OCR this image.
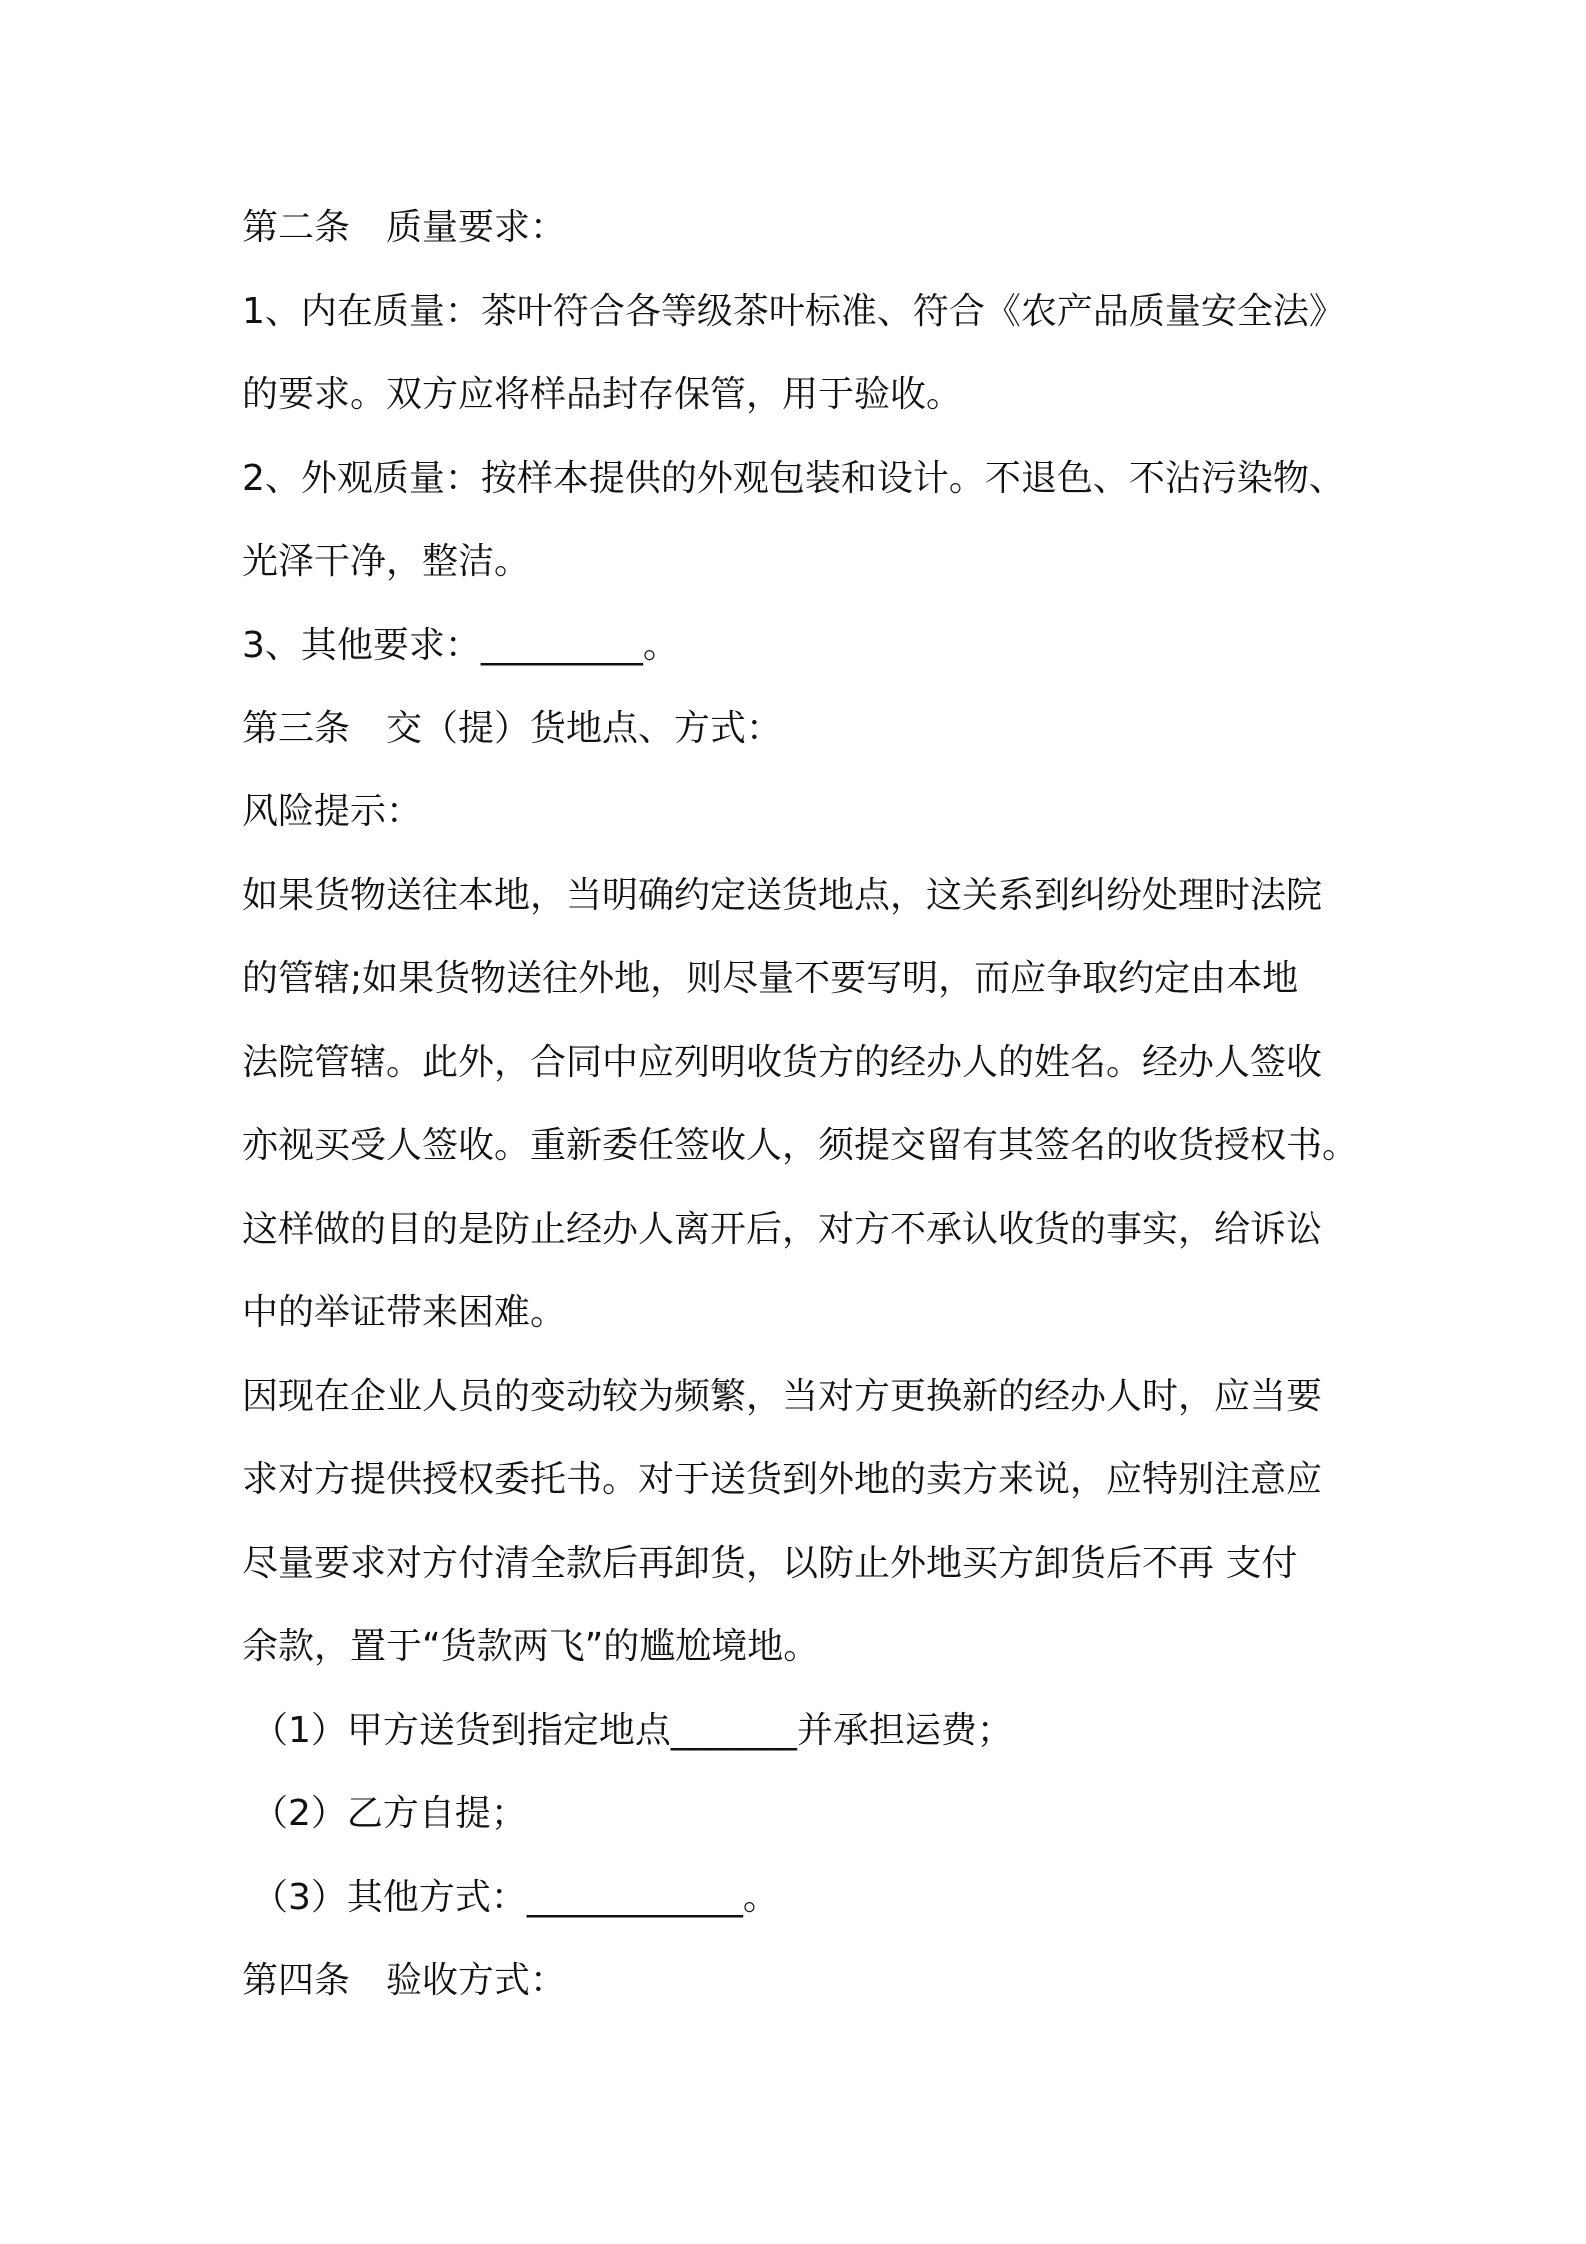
第二条　质量要求：
1、内在质量：茶叶符合各等级茶叶标准、符合《农产品质量安全法》
的要求。双方应将样品封存保管，用于验收。
2、外观质量：按样本提供的外观包装和设计。不退色、不沾污染物、
光泽干净，整洁。
3、其他要求：_________。
第三条　交（提）货地点、方式：
风险提示：
如果货物送往本地，当明确约定送货地点，这关系到纠纷处理时法院
的管辖;如果货物送往外地，则尽量不要写明，而应争取约定由本地
法院管辖。此外，合同中应列明收货方的经办人的姓名。经办人签收
亦视买受人签收。重新委任签收人，须提交留有其签名的收货授权书。
这样做的目的是防止经办人离开后，对方不承认收货的事实，给诉讼
中的举证带来困难。
因现在企业人员的变动较为频繁，当对方更换新的经办人时，应当要
求对方提供授权委托书。对于送货到外地的卖方来说，应特别注意应
尽量要求对方付清全款后再卸货，以防止外地买方卸货后不再 支付
余款，置于“货款两飞”的尴尬境地。
（1）甲方送货到指定地点_______并承担运费；
（2）乙方自提；
（3）其他方式：____________。
第四条　验收方式：
